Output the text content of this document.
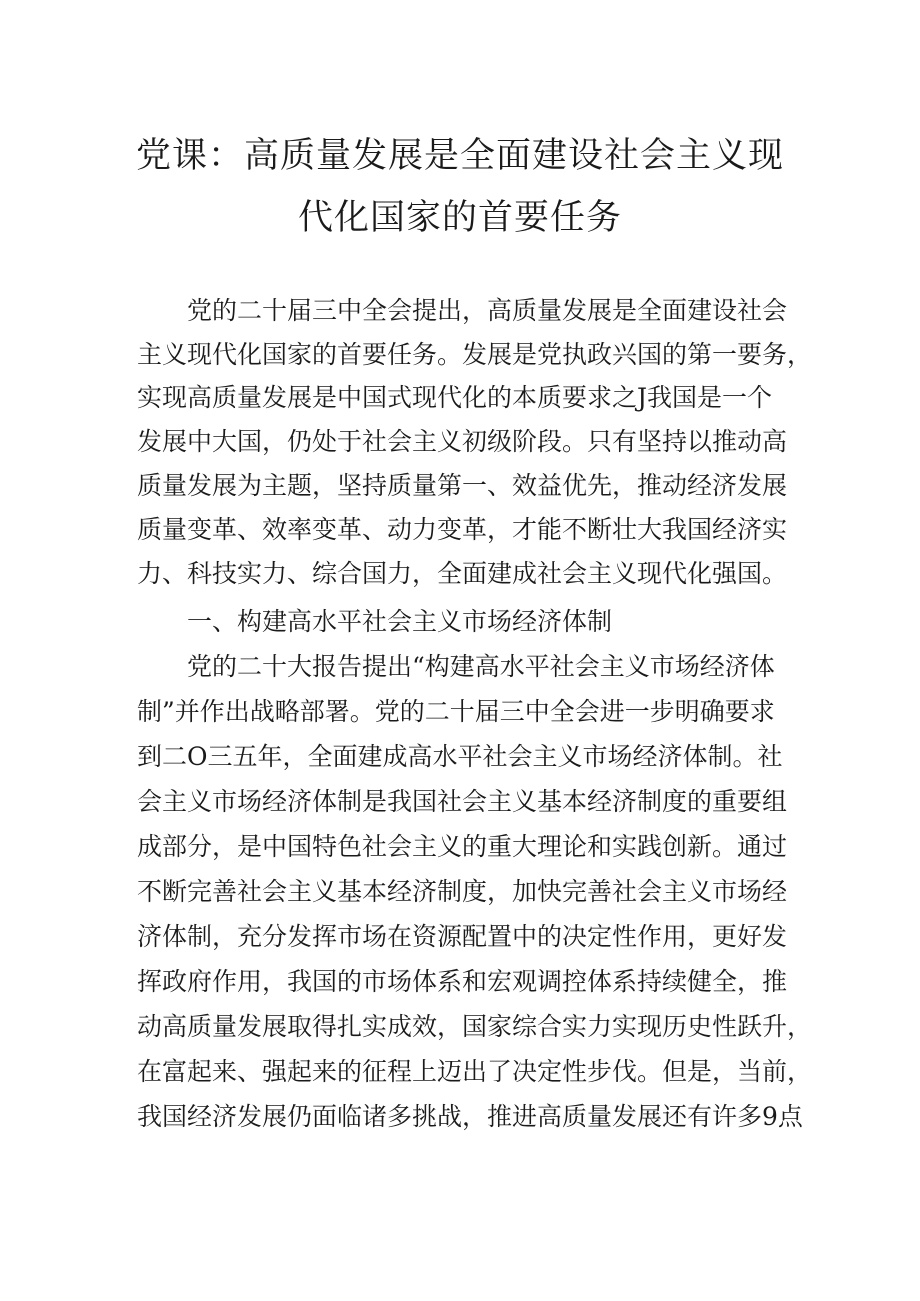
党课：高质量发展是全面建设社会主义现
代化国家的首要任务
党的二十届三中全会提出，高质量发展是全面建设社会
主义现代化国家的首要任务。发展是党执政兴国的第一要务，
实现高质量发展是中国式现代化的本质要求之J我国是一个
发展中大国，仍处于社会主义初级阶段。只有坚持以推动高
质量发展为主题，坚持质量第一、效益优先，推动经济发展
质量变革、效率变革、动力变革，才能不断壮大我国经济实
力、科技实力、综合国力，全面建成社会主义现代化强国。
一、构建高水平社会主义市场经济体制
党的二十大报告提出“构建高水平社会主义市场经济体
制”并作出战略部署。党的二十届三中全会进一步明确要求
到二O三五年，全面建成高水平社会主义市场经济体制。社
会主义市场经济体制是我国社会主义基本经济制度的重要组
成部分，是中国特色社会主义的重大理论和实践创新。通过
不断完善社会主义基本经济制度，加快完善社会主义市场经
济体制，充分发挥市场在资源配置中的决定性作用，更好发
挥政府作用，我国的市场体系和宏观调控体系持续健全，推
动高质量发展取得扎实成效，国家综合实力实现历史性跃升，
在富起来、强起来的征程上迈出了决定性步伐。但是，当前，
我国经济发展仍面临诸多挑战，推进高质量发展还有许多9点
